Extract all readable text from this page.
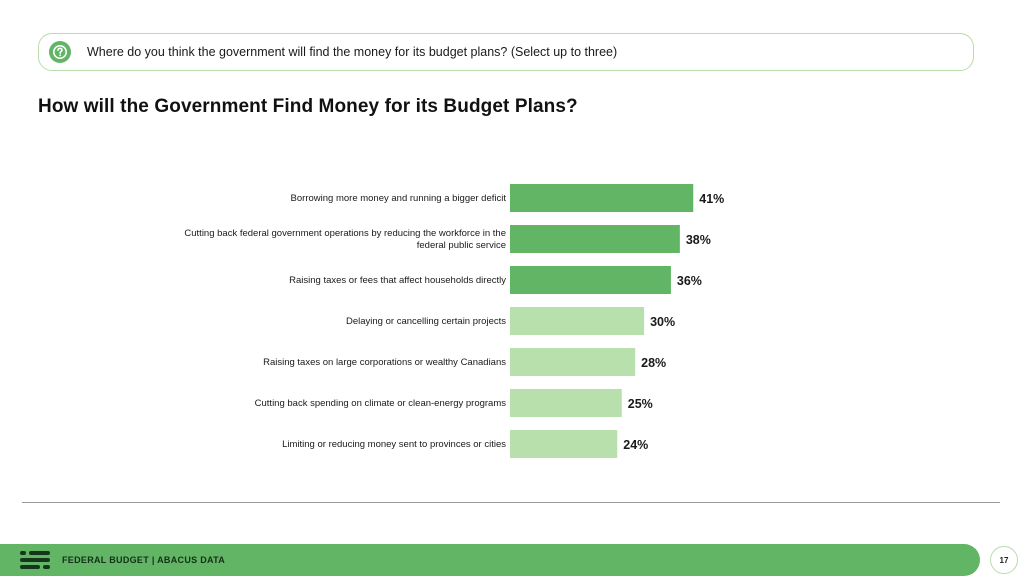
Where do you think the government will find the money for its budget plans? (Select up to three)
How will the Government Find Money for its Budget Plans?
41%
Borrowing more money and running a bigger deficit
38%
Cutting back federal government operations by reducing the workforce in the federal public service
36%
Raising taxes or fees that affect households directly
30%
Delaying or cancelling certain projects
28%
Raising taxes on large corporations or wealthy Canadians
25%
Cutting back spending on climate or clean-energy programs
24%
Limiting or reducing money sent to provinces or cities
FEDERAL BUDGET | ABACUS DATA	17
